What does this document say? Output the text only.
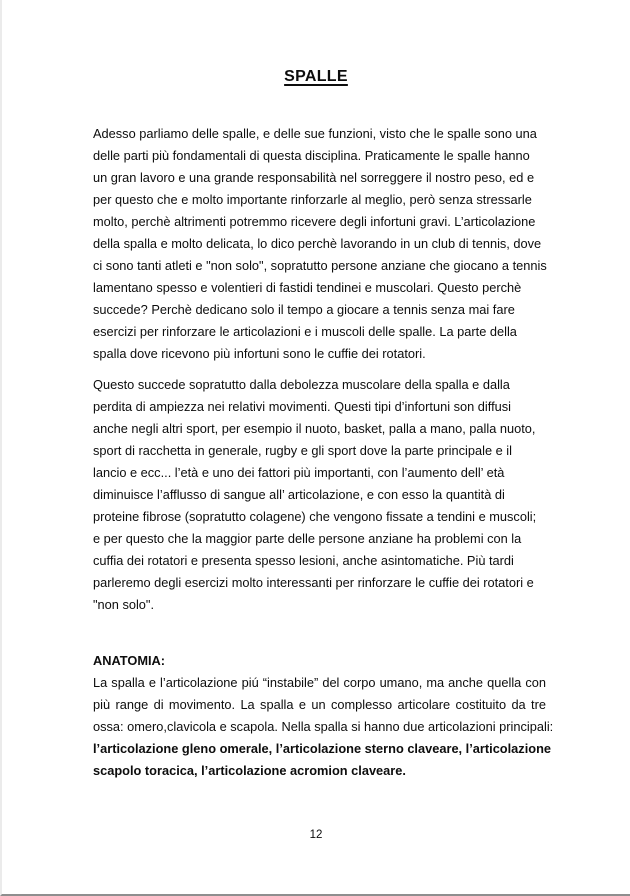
SPALLE
Adesso parliamo delle spalle, e delle sue funzioni, visto che le spalle sono una
delle parti più fondamentali di questa disciplina. Praticamente le spalle hanno
un gran lavoro e una grande responsabilità nel sorreggere il nostro peso, ed e
per questo che e molto importante rinforzarle al meglio, però senza stressarle
molto, perchè altrimenti potremmo ricevere degli infortuni gravi. L’articolazione
della spalla e molto delicata, lo dico perchè lavorando in un club di tennis, dove
ci sono tanti atleti e "non solo", sopratutto persone anziane che giocano a tennis
lamentano spesso e volentieri di fastidi tendinei e muscolari. Questo perchè
succede? Perchè dedicano solo il tempo a giocare a tennis senza mai fare
esercizi per rinforzare le articolazioni e i muscoli delle spalle. La parte della
spalla dove ricevono più infortuni sono le cuffie dei rotatori.
Questo succede sopratutto dalla debolezza muscolare della spalla e dalla
perdita di ampiezza nei relativi movimenti. Questi tipi d’infortuni son diffusi
anche negli altri sport, per esempio il nuoto, basket, palla a mano, palla nuoto,
sport di racchetta in generale, rugby e gli sport dove la parte principale e il
lancio e ecc... l’età e uno dei fattori più importanti, con l’aumento dell’ età
diminuisce l’afflusso di sangue all’ articolazione, e con esso la quantità di
proteine fibrose (sopratutto colagene) che vengono fissate a tendini e muscoli;
e per questo che la maggior parte delle persone anziane ha problemi con la
cuffia dei rotatori e presenta spesso lesioni, anche asintomatiche. Più tardi
parleremo degli esercizi molto interessanti per rinforzare le cuffie dei rotatori e
"non solo".
ANATOMIA:
La spalla e l’articolazione piú “instabile” del corpo umano, ma anche quella con
più range di movimento. La spalla e un complesso articolare costituito da tre
ossa: omero,clavicola e scapola. Nella spalla si hanno due articolazioni principali:
l’articolazione gleno omerale, l’articolazione sterno claveare, l’articolazione
scapolo toracica, l’articolazione acromion claveare.
12
